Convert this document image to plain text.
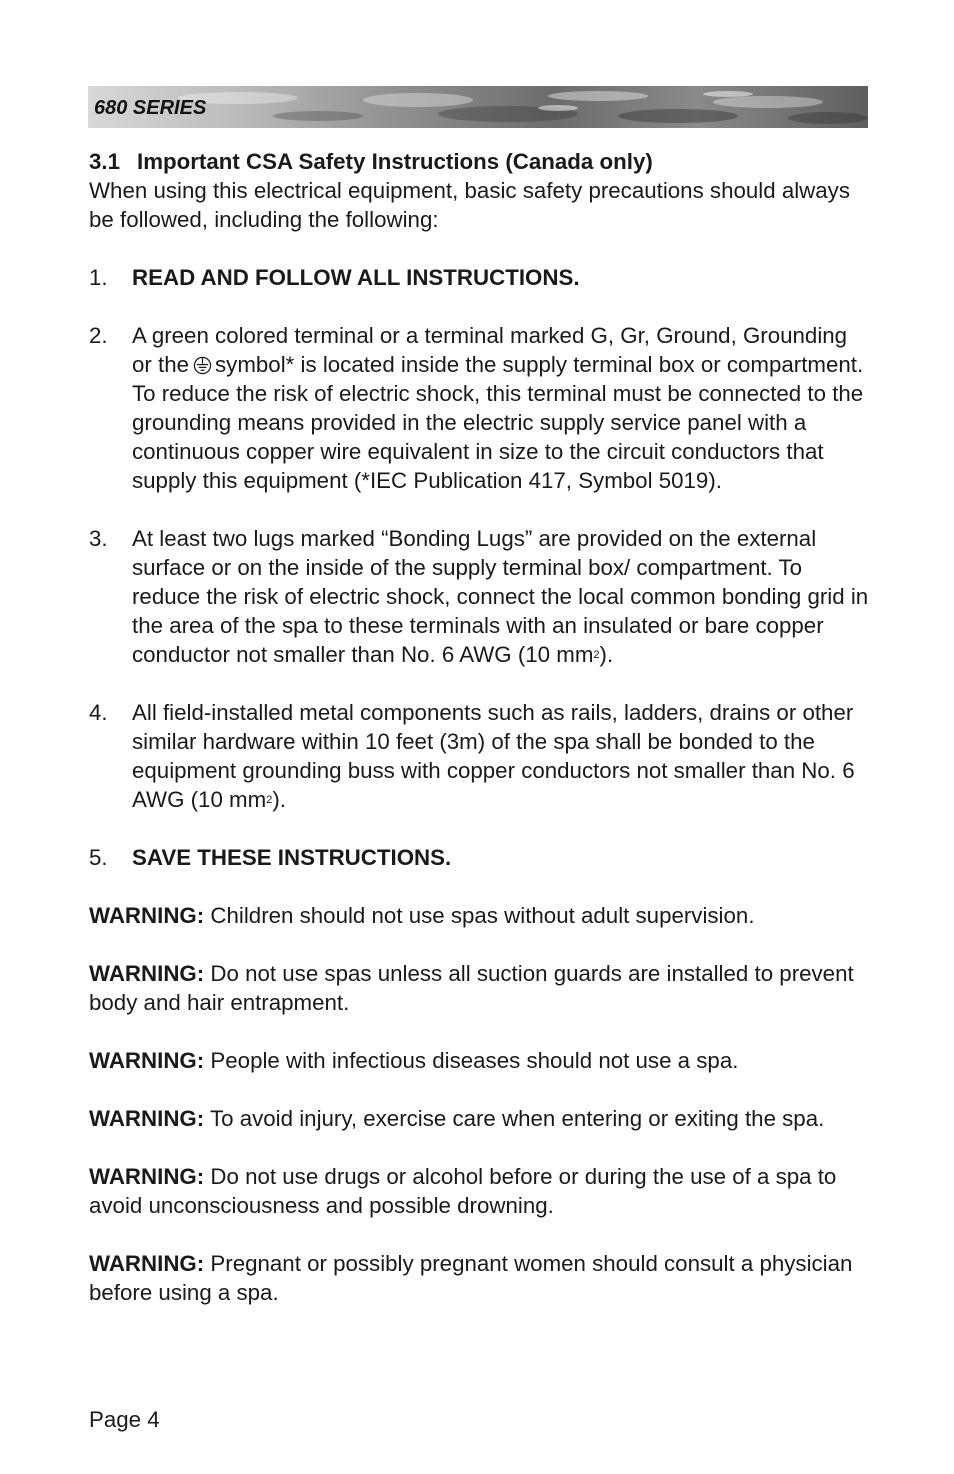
680 SERIES
3.1 Important CSA Safety Instructions (Canada only)

When using this electrical equipment, basic safety precautions should always be followed, including the following:

1.	READ AND FOLLOW ALL INSTRUCTIONS.
2.	A green colored terminal or a terminal marked G, Gr, Ground, Grounding or the symbol* is located inside the supply terminal box or compartment. To reduce the risk of electric shock, this terminal must be connected to the grounding means provided in the electric supply service panel with a continuous copper wire equivalent in size to the circuit conductors that supply this equipment (*IEC Publication 417, Symbol 5019).
3.	At least two lugs marked “Bonding Lugs” are provided on the external surface or on the inside of the supply terminal box/ compartment. To reduce the risk of electric shock, connect the local common bonding grid in the area of the spa to these terminals with an insulated or bare copper conductor not smaller than No. 6 AWG (10 $mm^2$).
4.	All field-installed metal components such as rails, ladders, drains or other similar hardware within 10 feet (3m) of the spa shall be bonded to the equipment grounding buss with copper conductors not smaller than No. 6 AWG (10 $mm^2$).
5.	SAVE THESE INSTRUCTIONS.

WARNING: Children should not use spas without adult supervision.

WARNING: Do not use spas unless all suction guards are installed to prevent body and hair entrapment.

WARNING: People with infectious diseases should not use a spa.

WARNING: To avoid injury, exercise care when entering or exiting the spa.

WARNING: Do not use drugs or alcohol before or during the use of a spa to avoid unconsciousness and possible drowning.

WARNING: Pregnant or possibly pregnant women should consult a physician before using a spa.

Page 4
